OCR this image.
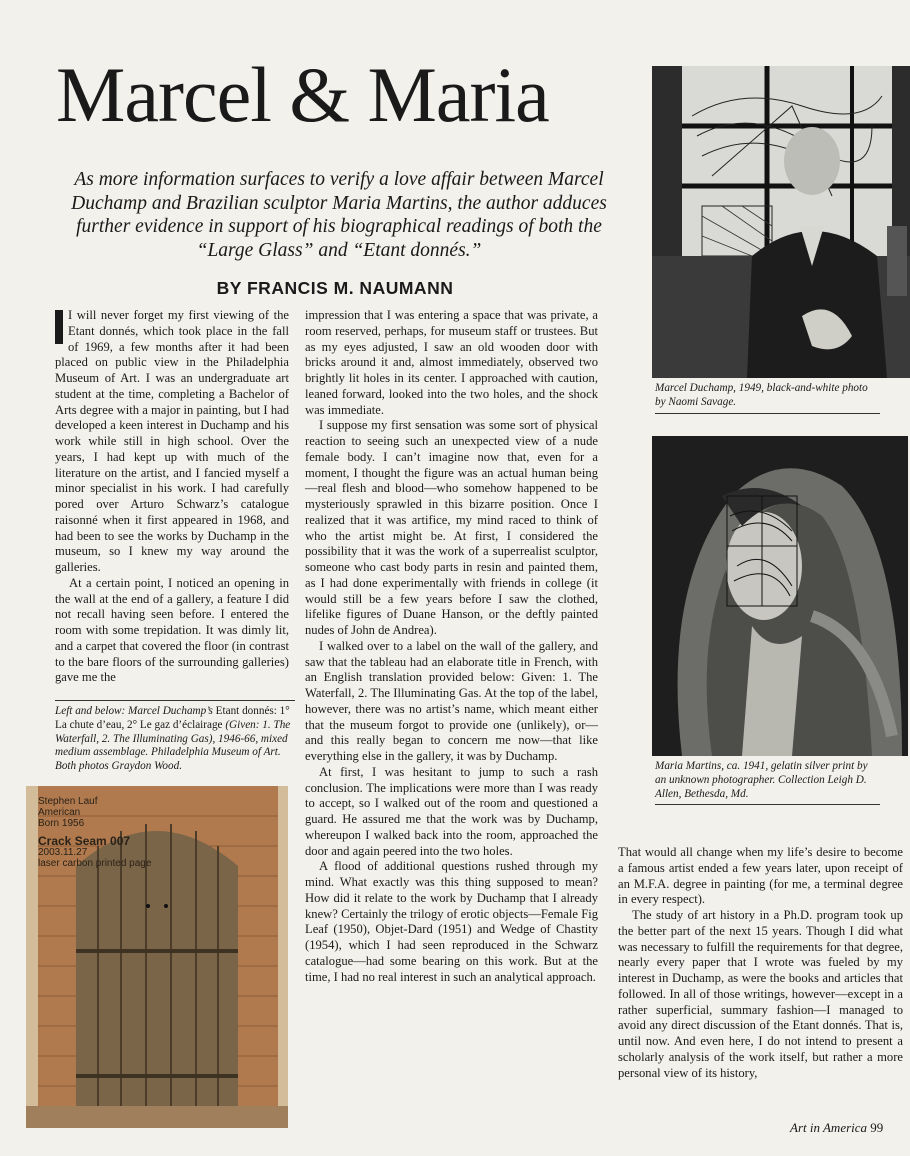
Marcel & Maria

As more information surfaces to verify a love affair between Marcel Duchamp and Brazilian sculptor Maria Martins, the author adduces further evidence in support of his biographical readings of both the “Large Glass” and “Etant donnés.”

BY FRANCIS M. NAUMANN

I will never forget my first viewing of the Etant donnés, which took place in the fall of 1969, a few months after it had been placed on public view in the Philadelphia Museum of Art. I was an undergraduate art student at the time, completing a Bachelor of Arts degree with a major in painting, but I had developed a keen interest in Duchamp and his work while still in high school. Over the years, I had kept up with much of the literature on the artist, and I fancied myself a minor specialist in his work. I had carefully pored over Arturo Schwarz’s catalogue raisonné when it first appeared in 1968, and had been to see the works by Duchamp in the museum, so I knew my way around the galleries.

At a certain point, I noticed an opening in the wall at the end of a gallery, a feature I did not recall having seen before. I entered the room with some trepidation. It was dimly lit, and a carpet that covered the floor (in contrast to the bare floors of the surrounding galleries) gave me the

impression that I was entering a space that was private, a room reserved, perhaps, for museum staff or trustees. But as my eyes adjusted, I saw an old wooden door with bricks around it and, almost immediately, observed two brightly lit holes in its center. I approached with caution, leaned forward, looked into the two holes, and the shock was immediate.

I suppose my first sensation was some sort of physical reaction to seeing such an unexpected view of a nude female body. I can’t imagine now that, even for a moment, I thought the figure was an actual human being—real flesh and blood—who somehow happened to be mysteriously sprawled in this bizarre position. Once I realized that it was artifice, my mind raced to think of who the artist might be. At first, I considered the possibility that it was the work of a superrealist sculptor, someone who cast body parts in resin and painted them, as I had done experimentally with friends in college (it would still be a few years before I saw the clothed, lifelike figures of Duane Hanson, or the deftly painted nudes of John de Andrea).

I walked over to a label on the wall of the gallery, and saw that the tableau had an elaborate title in French, with an English translation provided below: Given: 1. The Waterfall, 2. The Illuminating Gas. At the top of the label, however, there was no artist’s name, which meant either that the museum forgot to provide one (unlikely), or—and this really began to concern me now—that like everything else in the gallery, it was by Duchamp.

At first, I was hesitant to jump to such a rash conclusion. The implications were more than I was ready to accept, so I walked out of the room and questioned a guard. He assured me that the work was by Duchamp, whereupon I walked back into the room, approached the door and again peered into the two holes.

A flood of additional questions rushed through my mind. What exactly was this thing supposed to mean? How did it relate to the work by Duchamp that I already knew? Certainly the trilogy of erotic objects—Female Fig Leaf (1950), Objet-Dard (1951) and Wedge of Chastity (1954), which I had seen reproduced in the Schwarz catalogue—had some bearing on this work. But at the time, I had no real interest in such an analytical approach.

That would all change when my life’s desire to become a famous artist ended a few years later, upon receipt of an M.F.A. degree in painting (for me, a terminal degree in every respect).

The study of art history in a Ph.D. program took up the better part of the next 15 years. Though I did what was necessary to fulfill the requirements for that degree, nearly every paper that I wrote was fueled by my interest in Duchamp, as were the books and articles that followed. In all of those writings, however—except in a rather superficial, summary fashion—I managed to avoid any direct discussion of the Etant donnés. That is, until now. And even here, I do not intend to present a scholarly analysis of the work itself, but rather a more personal view of its history,

Left and below: Marcel Duchamp’s Etant donnés: 1° La chute d’eau, 2° Le gaz d’éclairage (Given: 1. The Waterfall, 2. The Illuminating Gas), 1946-66, mixed medium assemblage. Philadelphia Museum of Art. Both photos Graydon Wood.
Marcel Duchamp, 1949, black-and-white photo by Naomi Savage.
Maria Martins, ca. 1941, gelatin silver print by an unknown photographer. Collection Leigh D. Allen, Bethesda, Md.
Stephen Lauf
American
Born 1956
Crack Seam 007
2003.11.27
laser carbon printed page
Art in America 99
